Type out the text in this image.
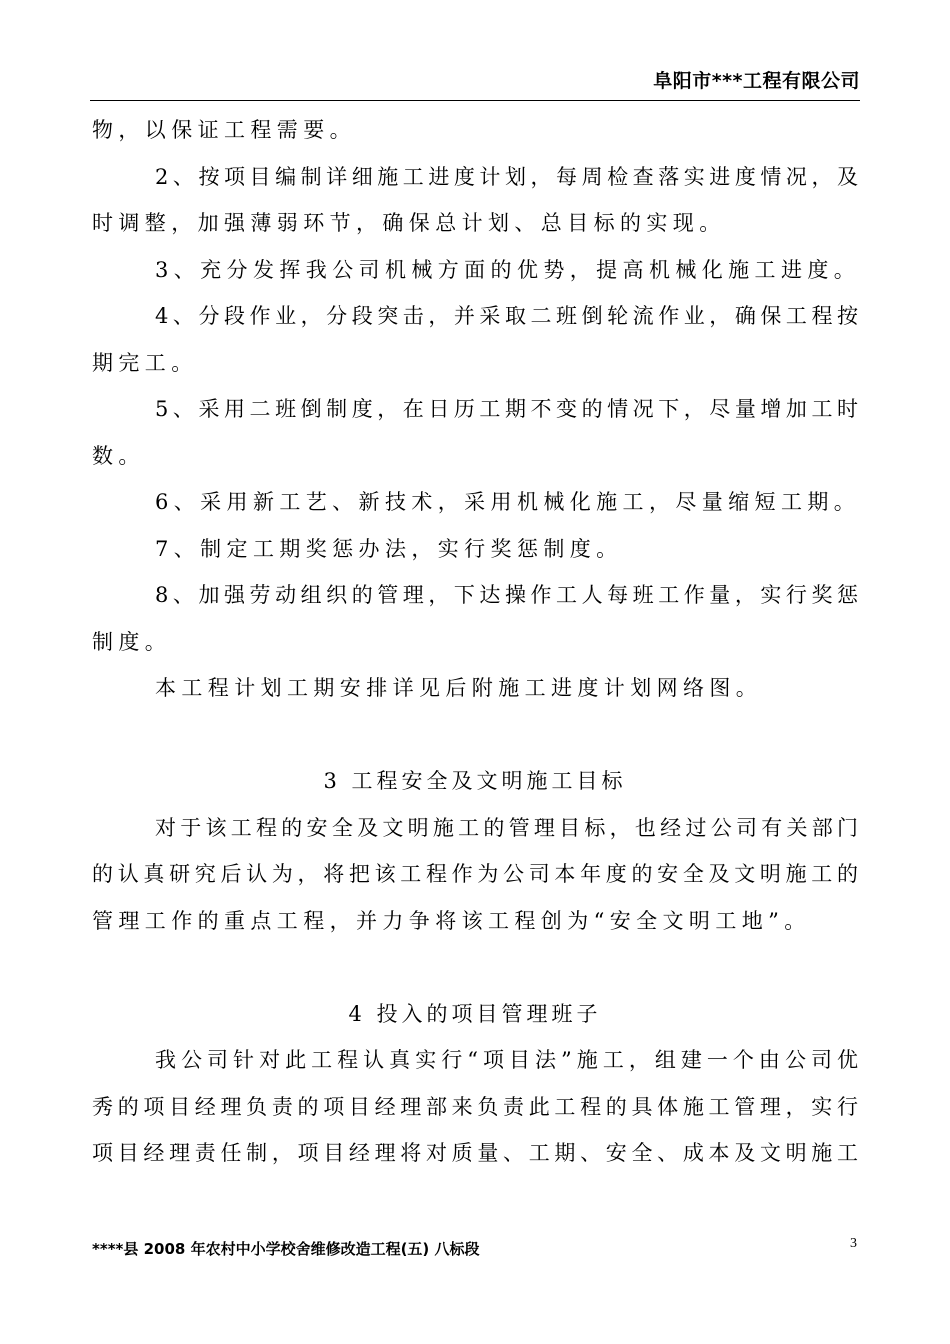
阜阳市***工程有限公司
物，以保证工程需要。
2、按项目编制详细施工进度计划，每周检查落实进度情况，及
时调整，加强薄弱环节，确保总计划、总目标的实现。
3、充分发挥我公司机械方面的优势，提高机械化施工进度。
4、分段作业，分段突击，并采取二班倒轮流作业，确保工程按
期完工。
5、采用二班倒制度，在日历工期不变的情况下，尽量增加工时
数。
6、采用新工艺、新技术，采用机械化施工，尽量缩短工期。
7、制定工期奖惩办法，实行奖惩制度。
8、加强劳动组织的管理，下达操作工人每班工作量，实行奖惩
制度。
本工程计划工期安排详见后附施工进度计划网络图。
3 工程安全及文明施工目标
对于该工程的安全及文明施工的管理目标，也经过公司有关部门
的认真研究后认为，将把该工程作为公司本年度的安全及文明施工的
管理工作的重点工程，并力争将该工程创为“安全文明工地”。
4 投入的项目管理班子
我公司针对此工程认真实行“项目法”施工，组建一个由公司优
秀的项目经理负责的项目经理部来负责此工程的具体施工管理，实行
项目经理责任制，项目经理将对质量、工期、安全、成本及文明施工
****县 2008 年农村中小学校舍维修改造工程(五) 八标段	3
